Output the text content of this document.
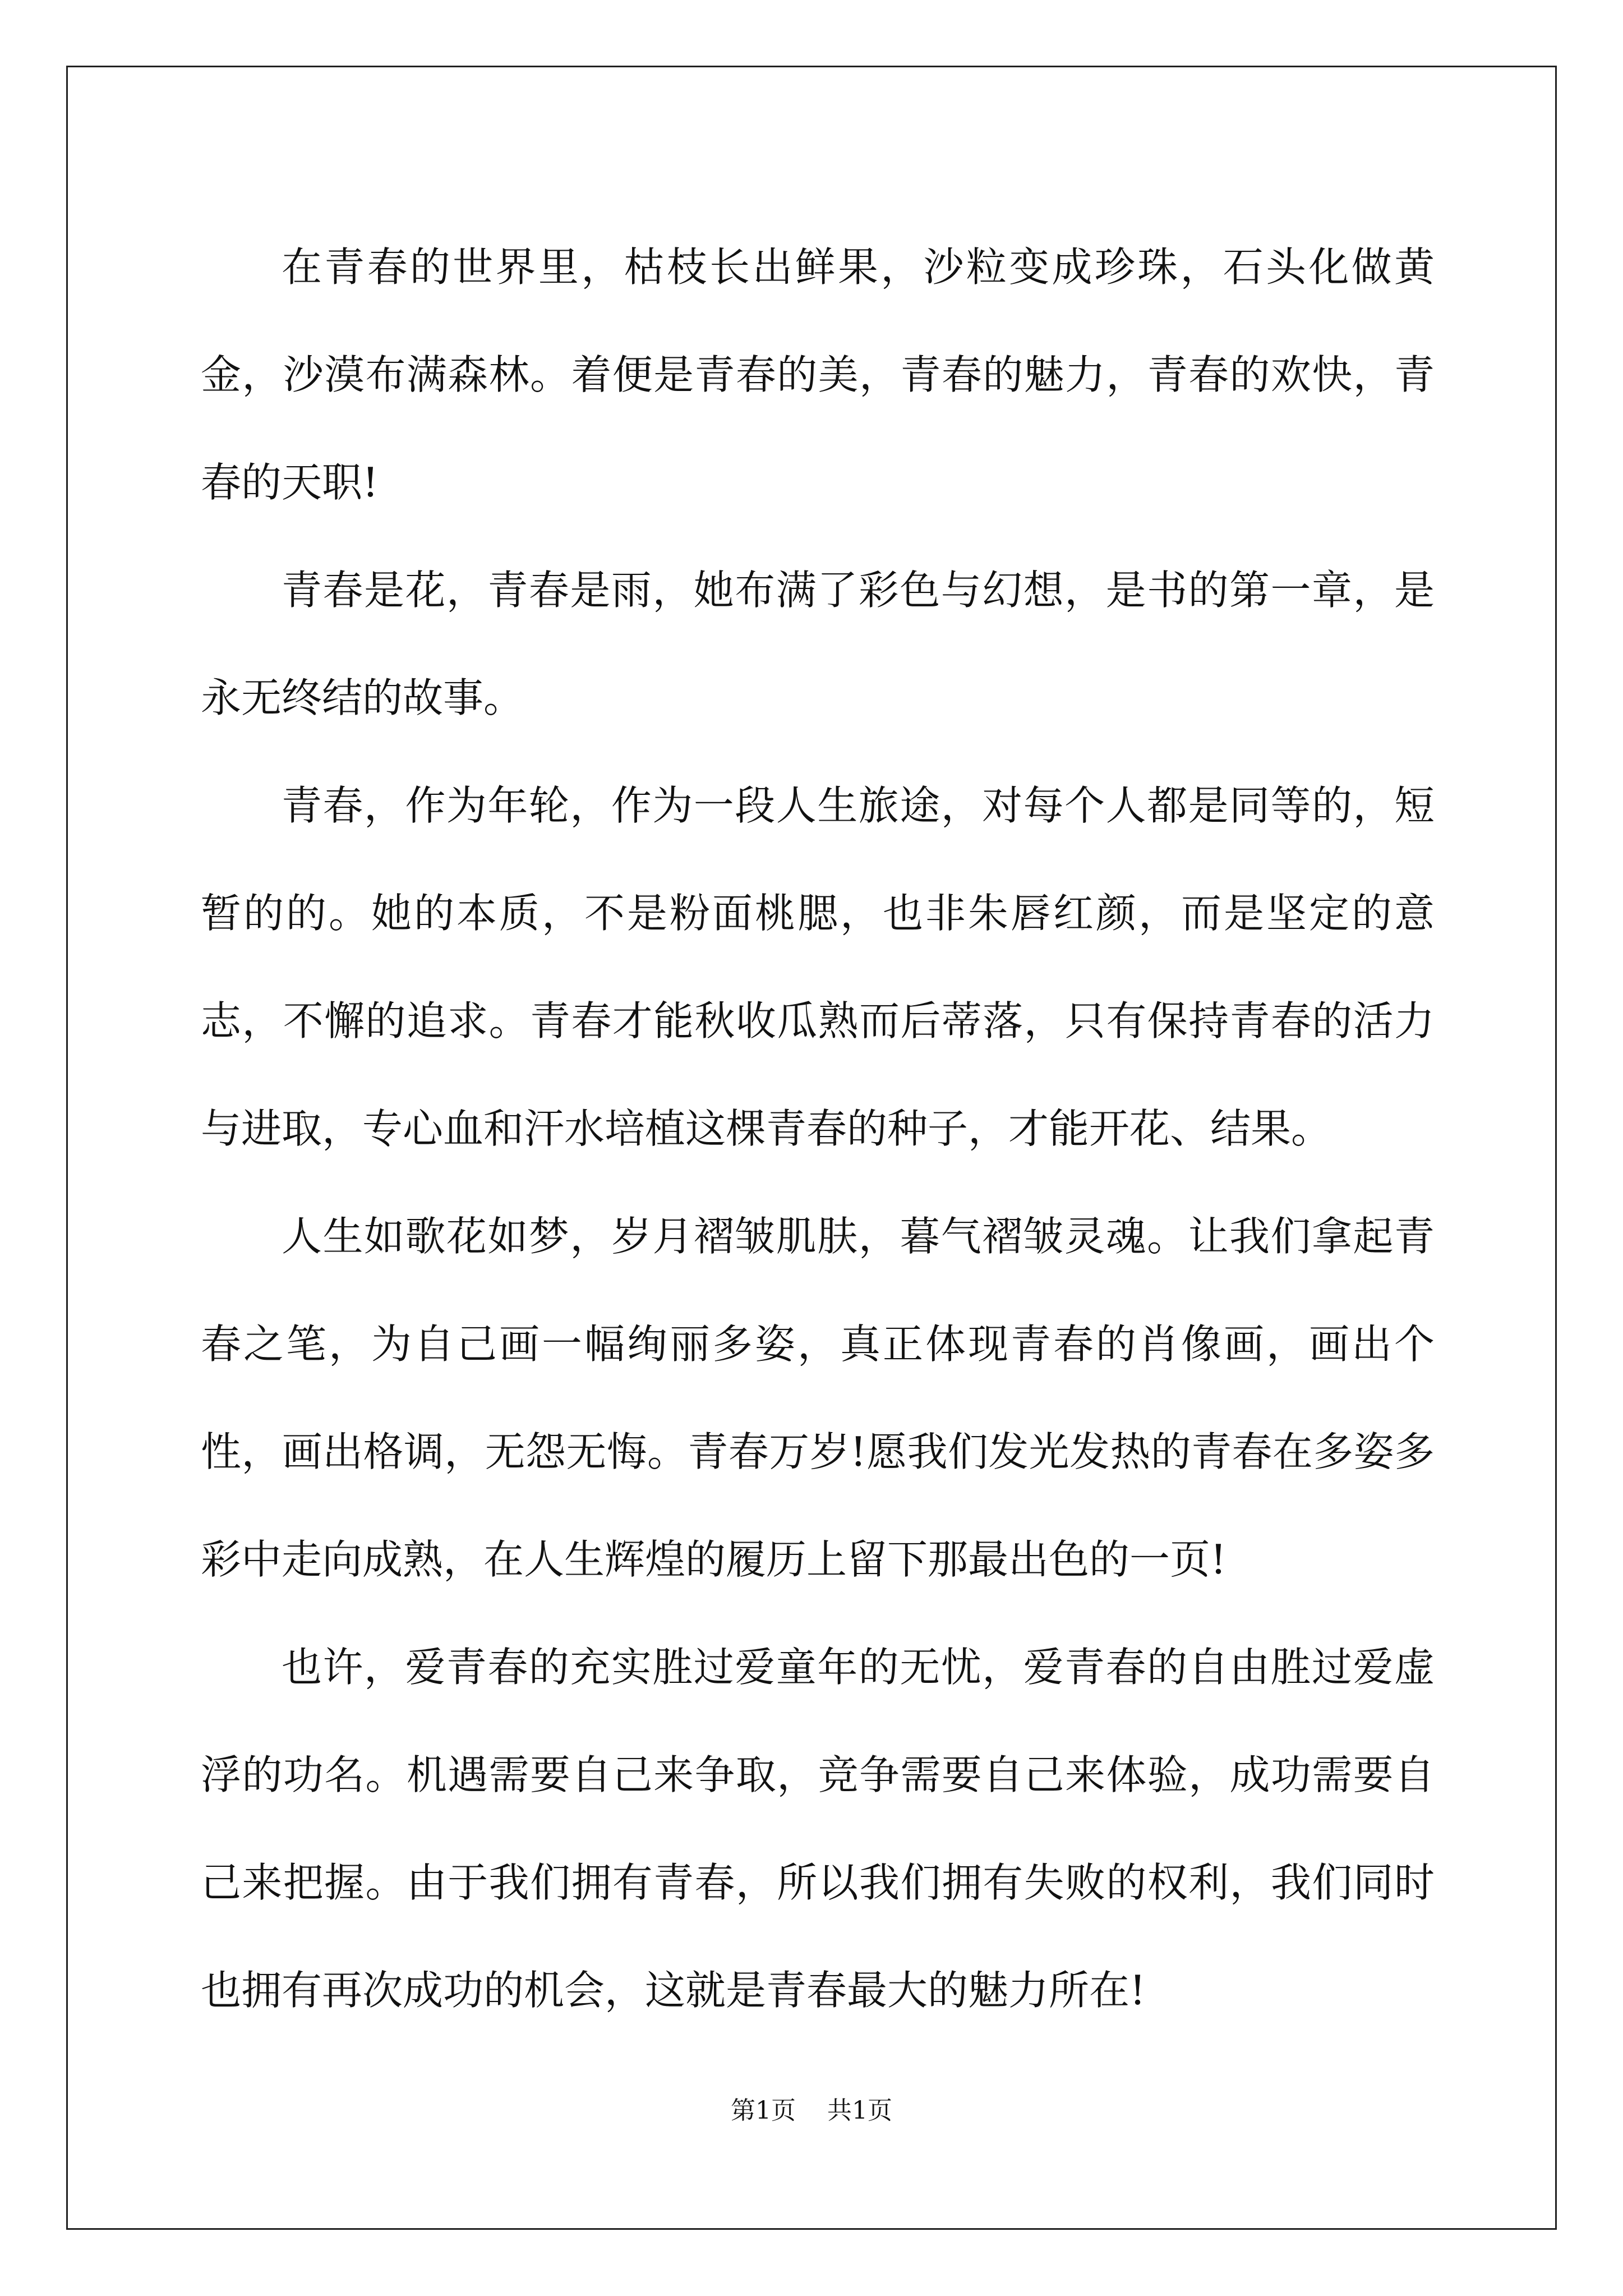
在青春的世界里，枯枝长出鲜果，沙粒变成珍珠，石头化做黄金，沙漠布满森林。着便是青春的美，青春的魅力，青春的欢快，青春的天职!

青春是花，青春是雨，她布满了彩色与幻想，是书的第一章，是永无终结的故事。

青春，作为年轮，作为一段人生旅途，对每个人都是同等的，短暂的的。她的本质，不是粉面桃腮，也非朱唇红颜，而是坚定的意志，不懈的追求。青春才能秋收瓜熟而后蒂落，只有保持青春的活力与进取，专心血和汗水培植这棵青春的种子，才能开花、结果。

人生如歌花如梦，岁月褶皱肌肤，暮气褶皱灵魂。让我们拿起青春之笔，为自己画一幅绚丽多姿，真正体现青春的肖像画，画出个性，画出格调，无怨无悔。青春万岁!愿我们发光发热的青春在多姿多彩中走向成熟，在人生辉煌的履历上留下那最出色的一页!

也许，爱青春的充实胜过爱童年的无忧，爱青春的自由胜过爱虚浮的功名。机遇需要自己来争取，竞争需要自己来体验，成功需要自己来把握。由于我们拥有青春，所以我们拥有失败的权利，我们同时也拥有再次成功的机会，这就是青春最大的魅力所在!

第1页    共1页
